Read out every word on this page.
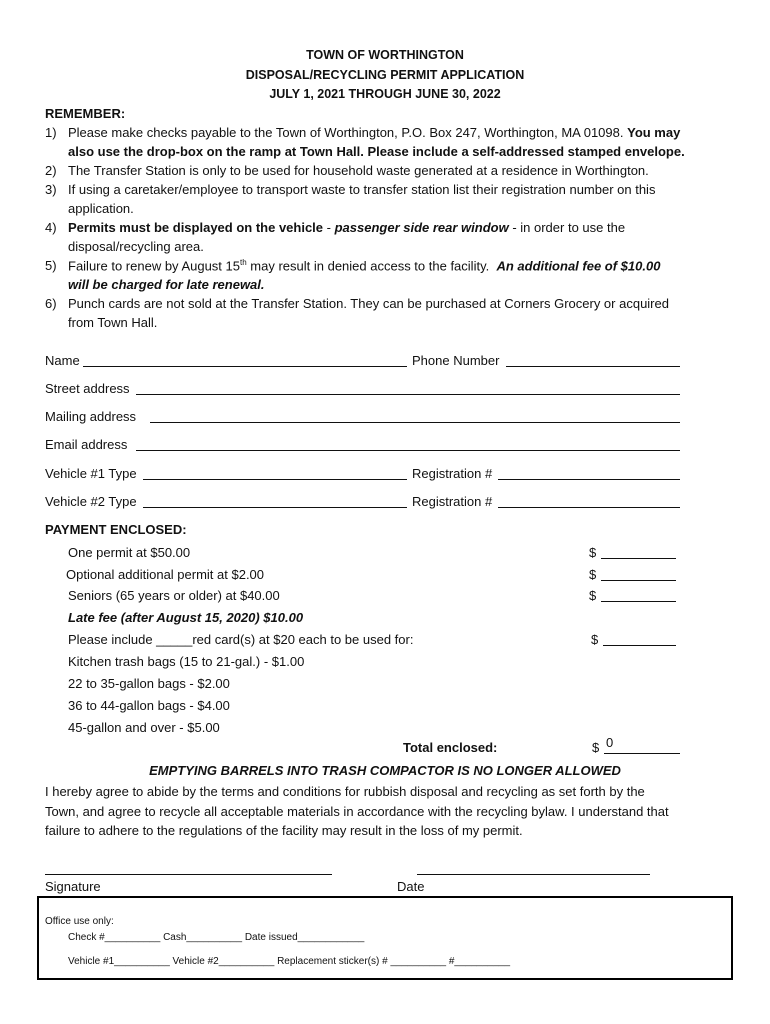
TOWN OF WORTHINGTON
DISPOSAL/RECYCLING PERMIT APPLICATION
JULY 1, 2021 THROUGH JUNE 30, 2022
REMEMBER:
1) Please make checks payable to the Town of Worthington, P.O. Box 247, Worthington, MA 01098. You may
also use the drop-box on the ramp at Town Hall. Please include a self-addressed stamped envelope.
2) The Transfer Station is only to be used for household waste generated at a residence in Worthington.
3) If using a caretaker/employee to transport waste to transfer station list their registration number on this
application.
4) Permits must be displayed on the vehicle - passenger side rear window - in order to use the
disposal/recycling area.
5) Failure to renew by August 15th may result in denied access to the facility. An additional fee of $10.00
will be charged for late renewal.
6) Punch cards are not sold at the Transfer Station. They can be purchased at Corners Grocery or acquired
from Town Hall.
Name	Phone Number
Street address
Mailing address
Email address
Vehicle #1 Type	Registration #
Vehicle #2 Type	Registration #
PAYMENT ENCLOSED:
One permit at $50.00	$
Optional additional permit at $2.00	$
Seniors (65 years or older) at $40.00	$
Late fee (after August 15, 2020) $10.00
Please include _____red card(s) at $20 each to be used for:	$
Kitchen trash bags (15 to 21-gal.) - $1.00
22 to 35-gallon bags - $2.00
36 to 44-gallon bags - $4.00
45-gallon and over - $5.00
Total enclosed:	$ 0
EMPTYING BARRELS INTO TRASH COMPACTOR IS NO LONGER ALLOWED
I hereby agree to abide by the terms and conditions for rubbish disposal and recycling as set forth by the
Town, and agree to recycle all acceptable materials in accordance with the recycling bylaw. I understand that
failure to adhere to the regulations of the facility may result in the loss of my permit.
Signature	Date
Office use only:
Check #__________ Cash__________ Date issued____________
Vehicle #1__________ Vehicle #2__________ Replacement sticker(s) # __________ #__________
